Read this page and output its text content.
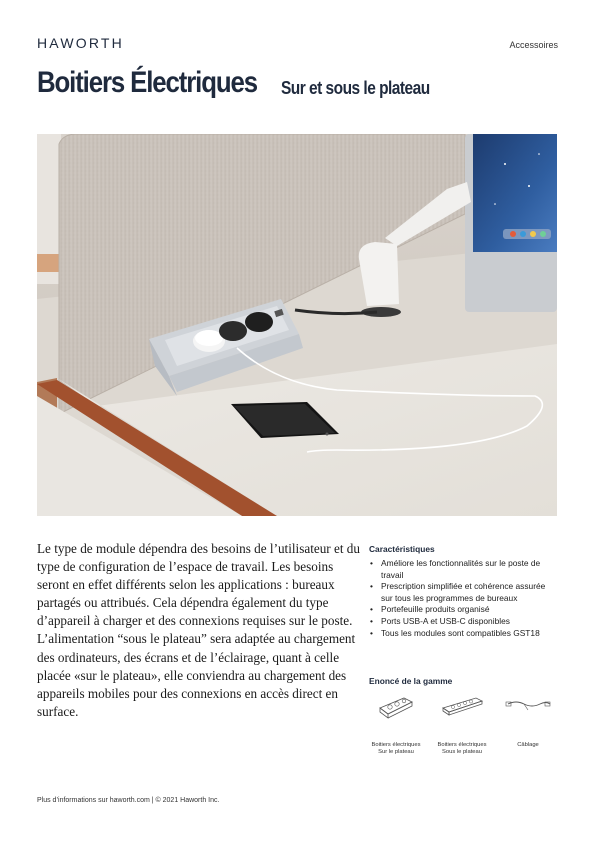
HAWORTH	Accessoires
Boitiers Électriques Sur et sous le plateau
Le type de module dépendra des besoins de l’utilisateur et du type de configuration de l’espace de travail. Les besoins seront en effet différents selon les applications : bureaux partagés ou attribués. Cela dépendra également du type d’appareil à charger et des connexions requises sur le poste. L’alimentation “sous le plateau” sera adaptée au chargement des ordinateurs, des écrans et de l’éclairage, quant à celle placée «sur le plateau», elle conviendra au chargement des appareils mobiles pour des connexions en accès direct en surface.
Caractéristiques
• Améliore les fonctionnalités sur le poste de travail
• Prescription simplifiée et cohérence assurée sur tous les programmes de bureaux
• Portefeuille produits organisé
• Ports USB-A et USB-C disponibles
• Tous les modules sont compatibles GST18
Enoncé de la gamme
Boitiers électriques
Sur le plateau
Boitiers électriques
Sous le plateau
Câblage
Plus d’informations sur haworth.com | © 2021 Haworth Inc.
